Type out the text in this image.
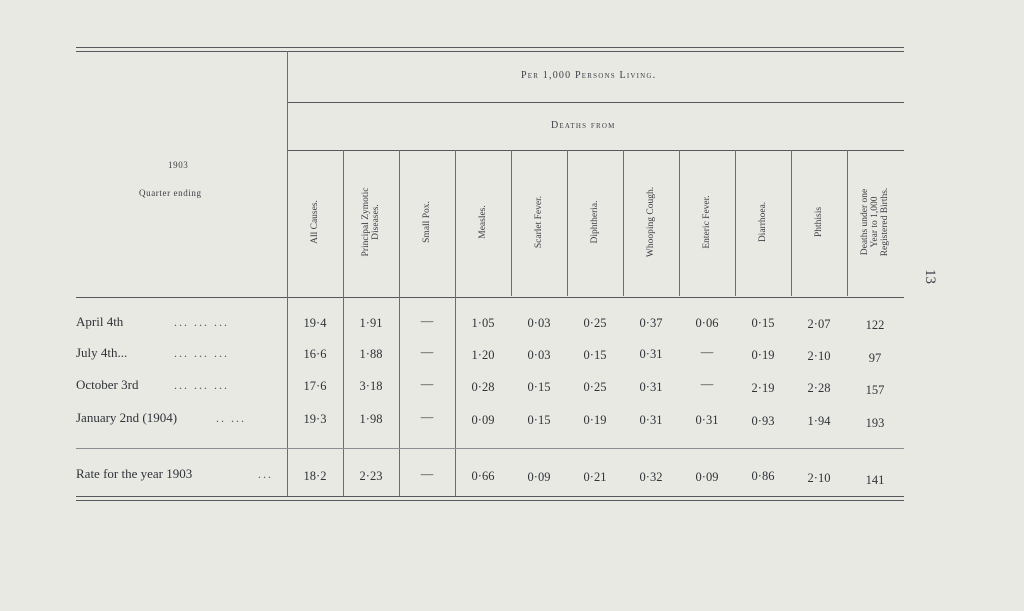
1903
Quarter ending
Per 1,000 Persons Living.
Deaths from
All Causes.	Principal Zymotic Diseases.	Small Pox.	Measles.	Scarlet Fever.	Diphtheria.	Whooping Cough.	Enteric Fever.	Diarrhoea.	Phthisis	Deaths under one Year to 1,000 Registered Births.
April 4th	... ... ...	19·4	1·91	—	1·05	0·03	0·25	0·37	0·06	0·15	2·07	122
July 4th...	... ... ...	16·6	1·88	—	1·20	0·03	0·15	0·31	—	0·19	2·10	97
October 3rd	... ... ...	17·6	3·18	—	0·28	0·15	0·25	0·31	—	2·19	2·28	157
January 2nd (1904)	.. ...	19·3	1·98	—	0·09	0·15	0·19	0·31	0·31	0·93	1·94	193
Rate for the year 1903	... 18·2	2·23	—	0·66	0·09	0·21	0·32	0·09	0·86	2·10	141
13
